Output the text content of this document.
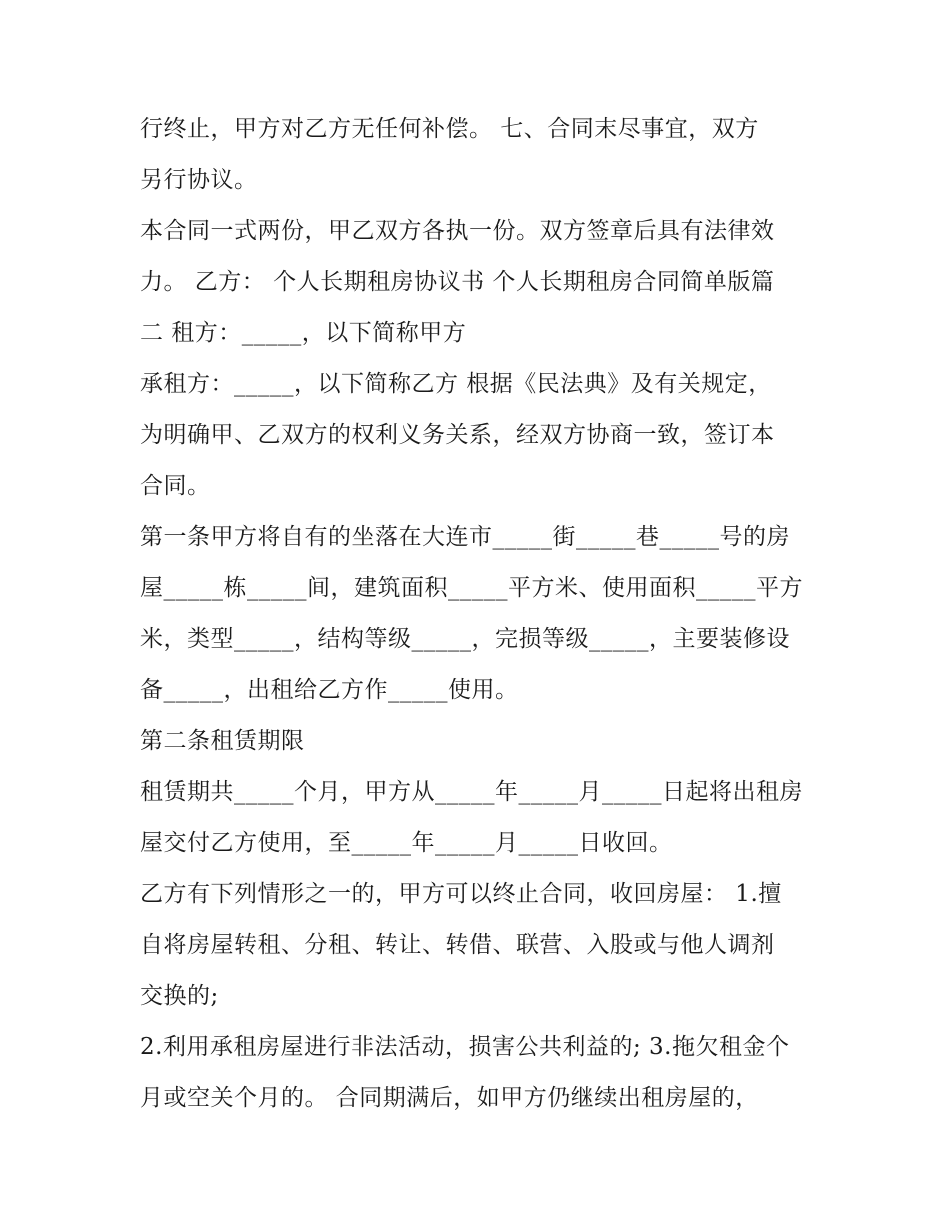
行终止，甲方对乙方无任何补偿。 七、合同末尽事宜，双方
另行协议。

本合同一式两份，甲乙双方各执一份。双方签章后具有法律效
力。 乙方： 个人长期租房协议书 个人长期租房合同简单版篇
二 租方：_____，以下简称甲方

承租方：_____，以下简称乙方 根据《民法典》及有关规定，
为明确甲、乙双方的权利义务关系，经双方协商一致，签订本
合同。

第一条甲方将自有的坐落在大连市_____街_____巷_____号的房
屋_____栋_____间，建筑面积_____平方米、使用面积_____平方
米，类型_____，结构等级_____，完损等级_____，主要装修设
备_____，出租给乙方作_____使用。

第二条租赁期限

租赁期共_____个月，甲方从_____年_____月_____日起将出租房
屋交付乙方使用，至_____年_____月_____日收回。

乙方有下列情形之一的，甲方可以终止合同，收回房屋： 1.擅
自将房屋转租、分租、转让、转借、联营、入股或与他人调剂
交换的;

2.利用承租房屋进行非法活动，损害公共利益的; 3.拖欠租金个
月或空关个月的。 合同期满后，如甲方仍继续出租房屋的，
